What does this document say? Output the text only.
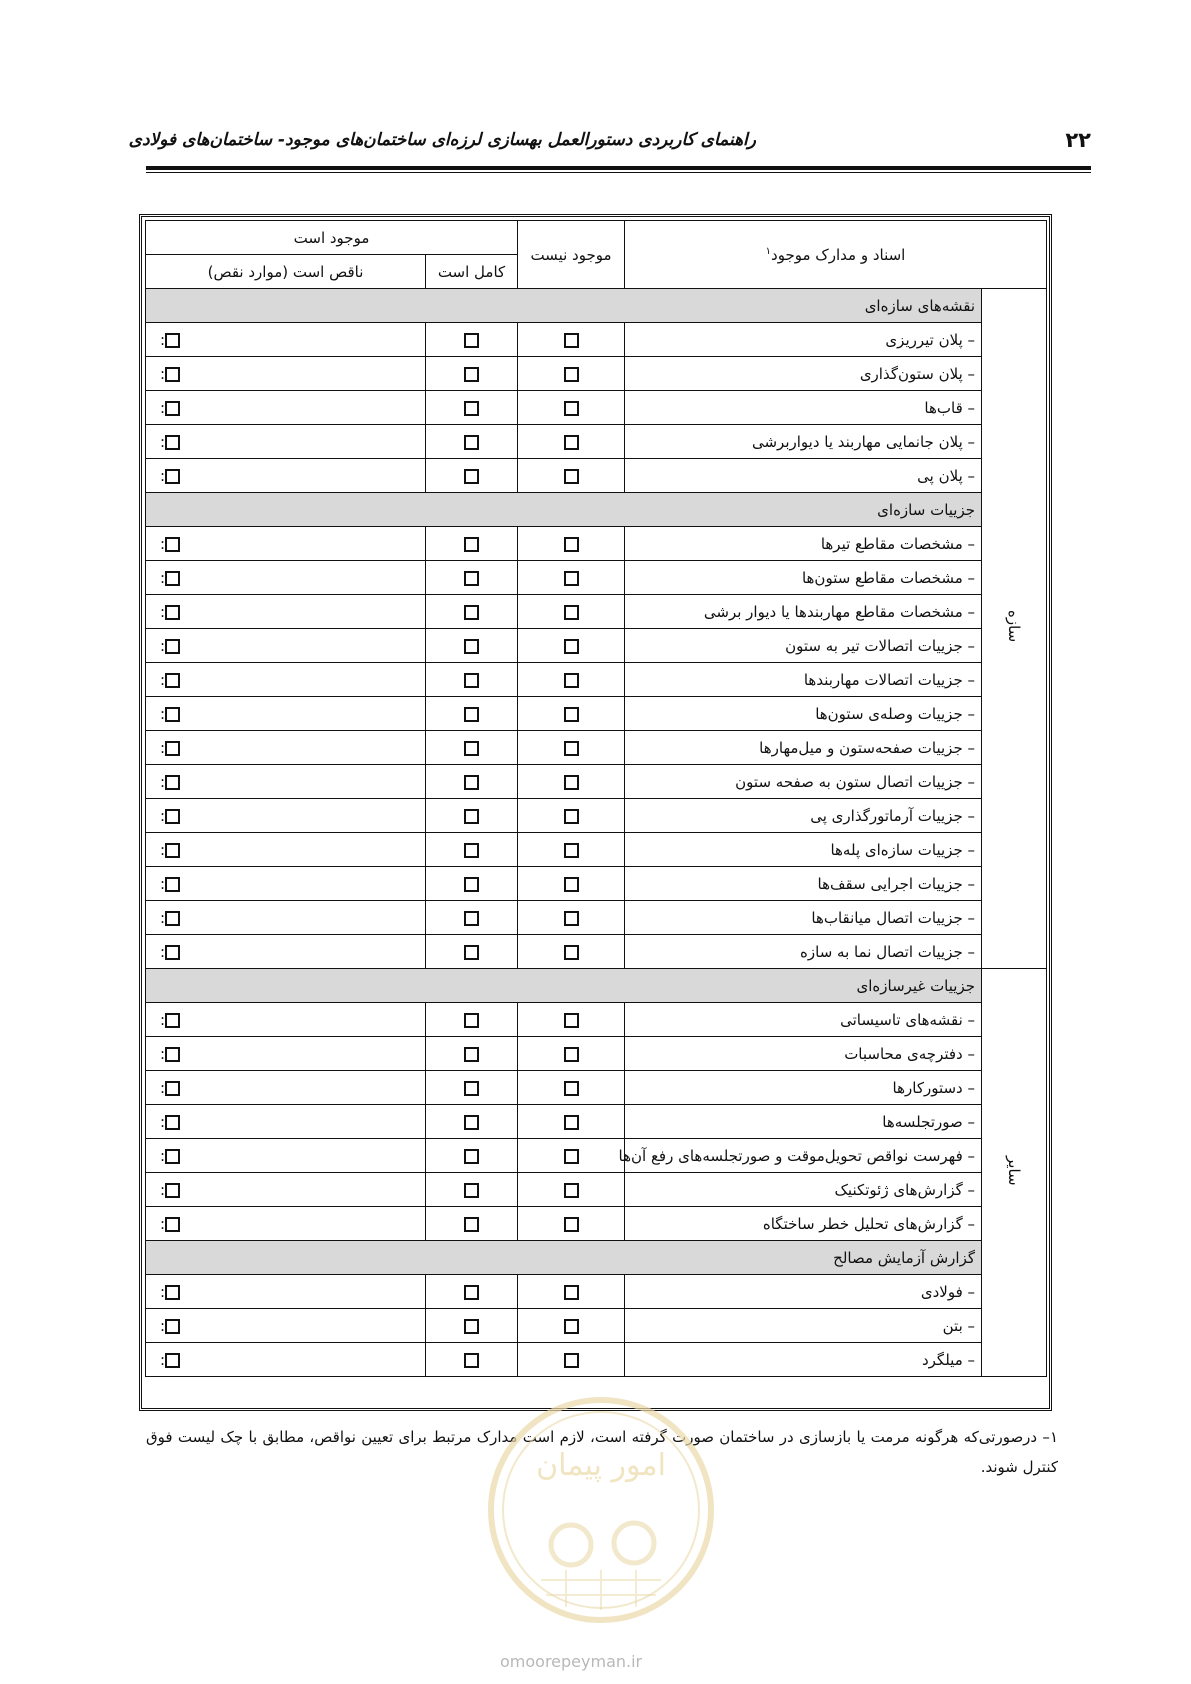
۲۲
راهنمای کاربردی دستورالعمل بهسازی لرزه‌ای ساختمان‌های موجود- ساختمان‌های فولادی
اسناد و مدارک موجود$^۱$		موجود نیست	موجود است	
			کامل است	ناقص است (موارد نقص)
سازه	نقشه‌های سازه‌ای			
	– پلان تیرریزی			:
	– پلان ستون‌گذاری			:
	– قاب‌ها			:
	– پلان جانمایی مهاربند یا دیواربرشی			:
	– پلان پی			:
	جزییات سازه‌ای			
	– مشخصات مقاطع تیرها			:
	– مشخصات مقاطع ستون‌ها			:
	– مشخصات مقاطع مهاربندها یا دیوار برشی			:
	– جزییات اتصالات تیر به ستون			:
	– جزییات اتصالات مهاربندها			:
	– جزییات وصله‌ی ستون‌ها			:
	– جزییات صفحه‌ستون و میل‌مهارها			:
	– جزییات اتصال ستون به صفحه ستون			:
	– جزییات آرماتورگذاری پی			:
	– جزییات سازه‌ای پله‌ها			:
	– جزییات اجرایی سقف‌ها			:
	– جزییات اتصال میانقاب‌ها			:
	– جزییات اتصال نما به سازه			:
سایر	جزییات غیرسازه‌ای			
	– نقشه‌های تاسیساتی			:
	– دفترچه‌ی محاسبات			:
	– دستورکارها			:
	– صورتجلسه‌ها			:
	– فهرست نواقص تحویل‌موقت و صورتجلسه‌های رفع آن‌ها			:
	– گزارش‌های ژئوتکنیک			:
	– گزارش‌های تحلیل خطر ساختگاه			:
	گزارش آزمایش مصالح			
	– فولادی			:
	– بتن			:
	– میلگرد			:
۱– درصورتی‌که هرگونه مرمت یا بازسازی در ساختمان صورت گرفته است، لازم است مدارک مرتبط برای تعیین نواقص، مطابق با چک لیست فوق کنترل شوند.
امور پیمان
omoorepeyman.ir
